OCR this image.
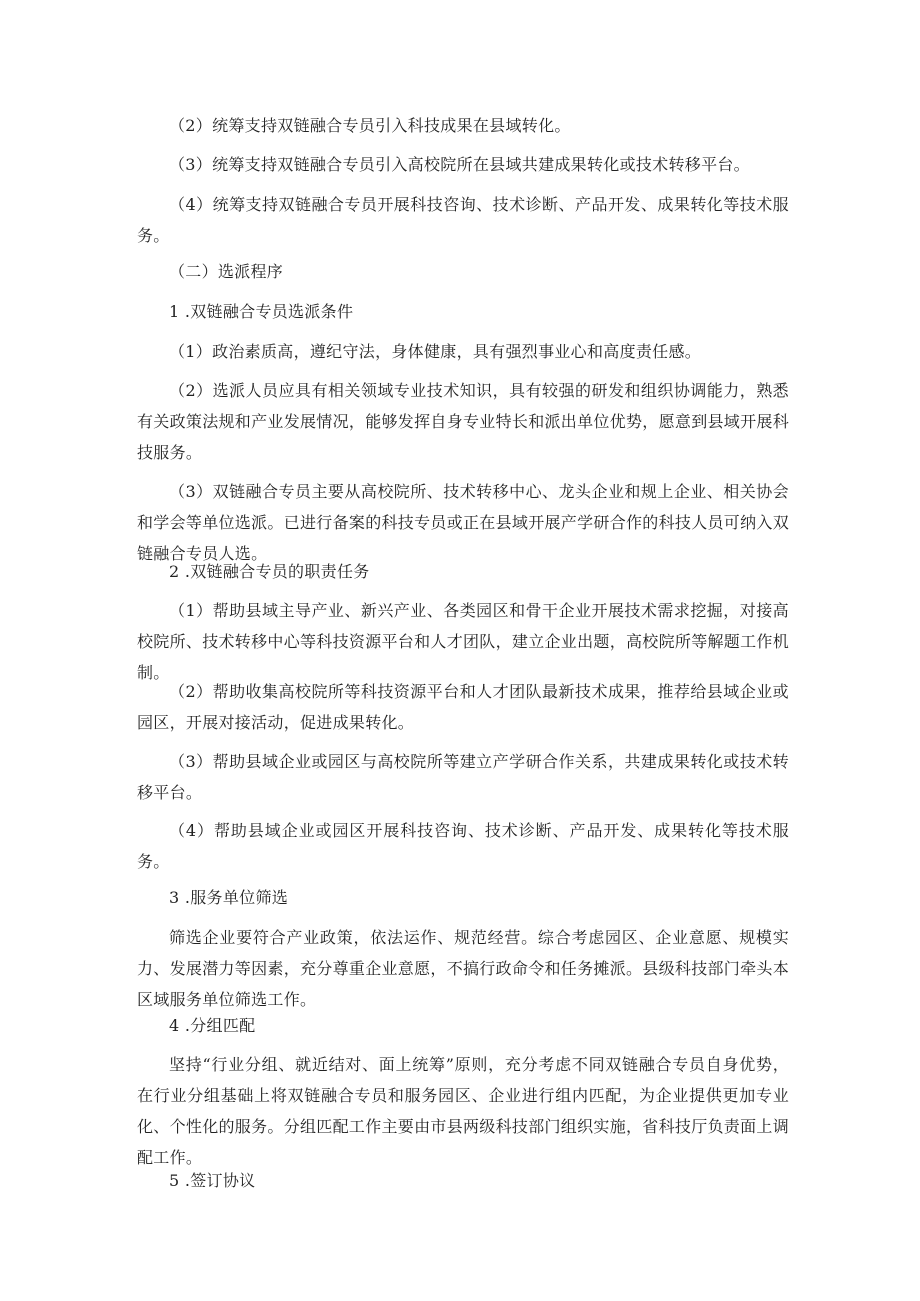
（2）统筹支持双链融合专员引入科技成果在县域转化。

（3）统筹支持双链融合专员引入高校院所在县域共建成果转化或技术转移平台。

（4）统筹支持双链融合专员开展科技咨询、技术诊断、产品开发、成果转化等技术服务。

（二）选派程序

1 .双链融合专员选派条件

（1）政治素质高，遵纪守法，身体健康，具有强烈事业心和高度责任感。

（2）选派人员应具有相关领域专业技术知识，具有较强的研发和组织协调能力，熟悉有关政策法规和产业发展情况，能够发挥自身专业特长和派出单位优势，愿意到县域开展科技服务。

（3）双链融合专员主要从高校院所、技术转移中心、龙头企业和规上企业、相关协会和学会等单位选派。已进行备案的科技专员或正在县域开展产学研合作的科技人员可纳入双链融合专员人选。

2 .双链融合专员的职责任务

（1）帮助县域主导产业、新兴产业、各类园区和骨干企业开展技术需求挖掘，对接高校院所、技术转移中心等科技资源平台和人才团队，建立企业出题，高校院所等解题工作机制。

（2）帮助收集高校院所等科技资源平台和人才团队最新技术成果，推荐给县域企业或园区，开展对接活动，促进成果转化。

（3）帮助县域企业或园区与高校院所等建立产学研合作关系，共建成果转化或技术转移平台。

（4）帮助县域企业或园区开展科技咨询、技术诊断、产品开发、成果转化等技术服务。

3 .服务单位筛选

筛选企业要符合产业政策，依法运作、规范经营。综合考虑园区、企业意愿、规模实力、发展潜力等因素，充分尊重企业意愿，不搞行政命令和任务摊派。县级科技部门牵头本区域服务单位筛选工作。

4 .分组匹配

坚持“行业分组、就近结对、面上统筹”原则，充分考虑不同双链融合专员自身优势，在行业分组基础上将双链融合专员和服务园区、企业进行组内匹配，为企业提供更加专业化、个性化的服务。分组匹配工作主要由市县两级科技部门组织实施，省科技厅负责面上调配工作。

5 .签订协议
